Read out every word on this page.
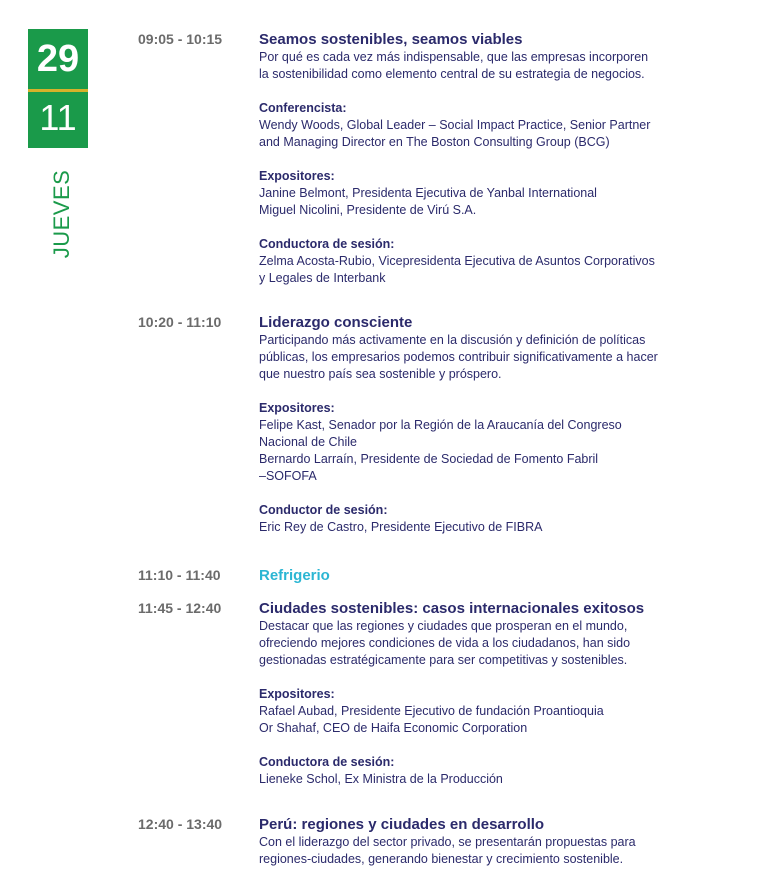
29
11
JUEVES
09:05 - 10:15 Seamos sostenibles, seamos viables
Por qué es cada vez más indispensable, que las empresas incorporen
la sostenibilidad como elemento central de su estrategia de negocios.
Conferencista:
Wendy Woods, Global Leader – Social Impact Practice, Senior Partner
and Managing Director en The Boston Consulting Group (BCG)
Expositores:
Janine Belmont, Presidenta Ejecutiva de Yanbal International
Miguel Nicolini, Presidente de Virú S.A.
Conductora de sesión:
Zelma Acosta-Rubio, Vicepresidenta Ejecutiva de Asuntos Corporativos
y Legales de Interbank
10:20 - 11:10	Liderazgo consciente
Participando más activamente en la discusión y definición de políticas
públicas, los empresarios podemos contribuir significativamente a hacer
que nuestro país sea sostenible y próspero.
Expositores:
Felipe Kast, Senador por la Región de la Araucanía del Congreso
Nacional de Chile
Bernardo Larraín, Presidente de Sociedad de Fomento Fabril
–SOFOFA
Conductor de sesión:
Eric Rey de Castro, Presidente Ejecutivo de FIBRA
11:10 - 11:40	Refrigerio
11:45 - 12:40	Ciudades sostenibles: casos internacionales exitosos
Destacar que las regiones y ciudades que prosperan en el mundo,
ofreciendo mejores condiciones de vida a los ciudadanos, han sido
gestionadas estratégicamente para ser competitivas y sostenibles.
Expositores:
Rafael Aubad, Presidente Ejecutivo de fundación Proantioquia
Or Shahaf, CEO de Haifa Economic Corporation
Conductora de sesión:
Lieneke Schol, Ex Ministra de la Producción
12:40 - 13:40 Perú: regiones y ciudades en desarrollo
Con el liderazgo del sector privado, se presentarán propuestas para
regiones-ciudades, generando bienestar y crecimiento sostenible.
